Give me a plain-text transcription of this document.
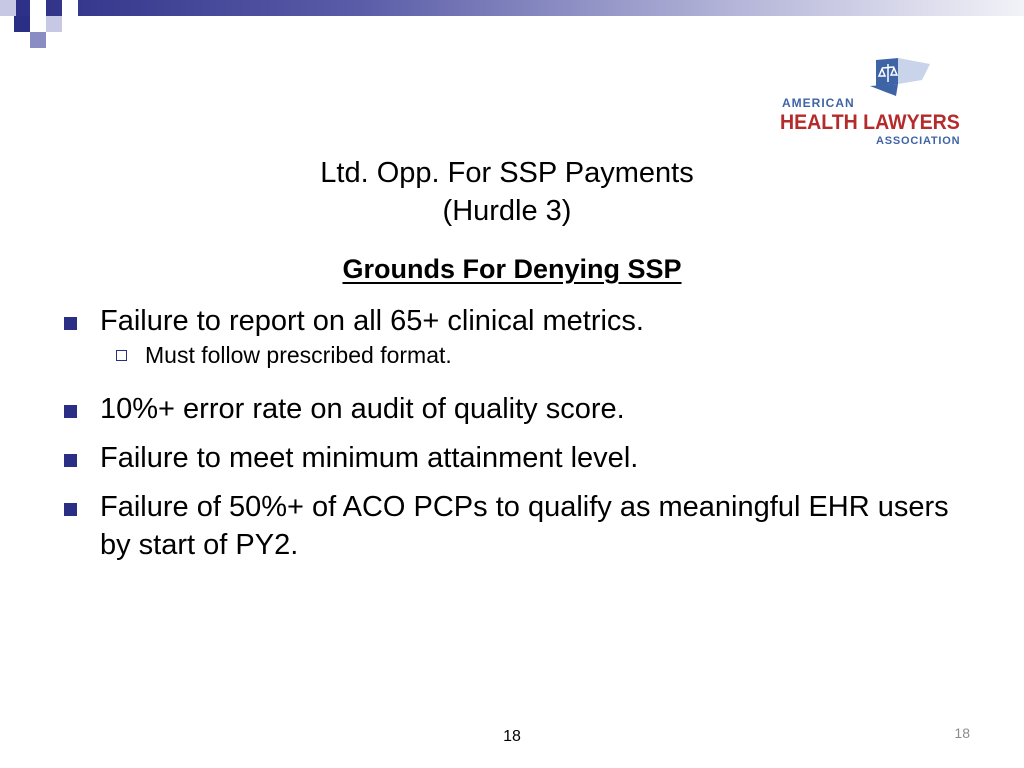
AMERICAN
HEALTH LAWYERS
ASSOCIATION
Ltd. Opp. For SSP Payments
(Hurdle 3)
Grounds For Denying SSP
Failure to report on all 65+ clinical metrics.
Must follow prescribed format.
10%+ error rate on audit of quality score.
Failure to meet minimum attainment level.
Failure of 50%+ of ACO PCPs to qualify as meaningful EHR users by start of PY2.
18	18
